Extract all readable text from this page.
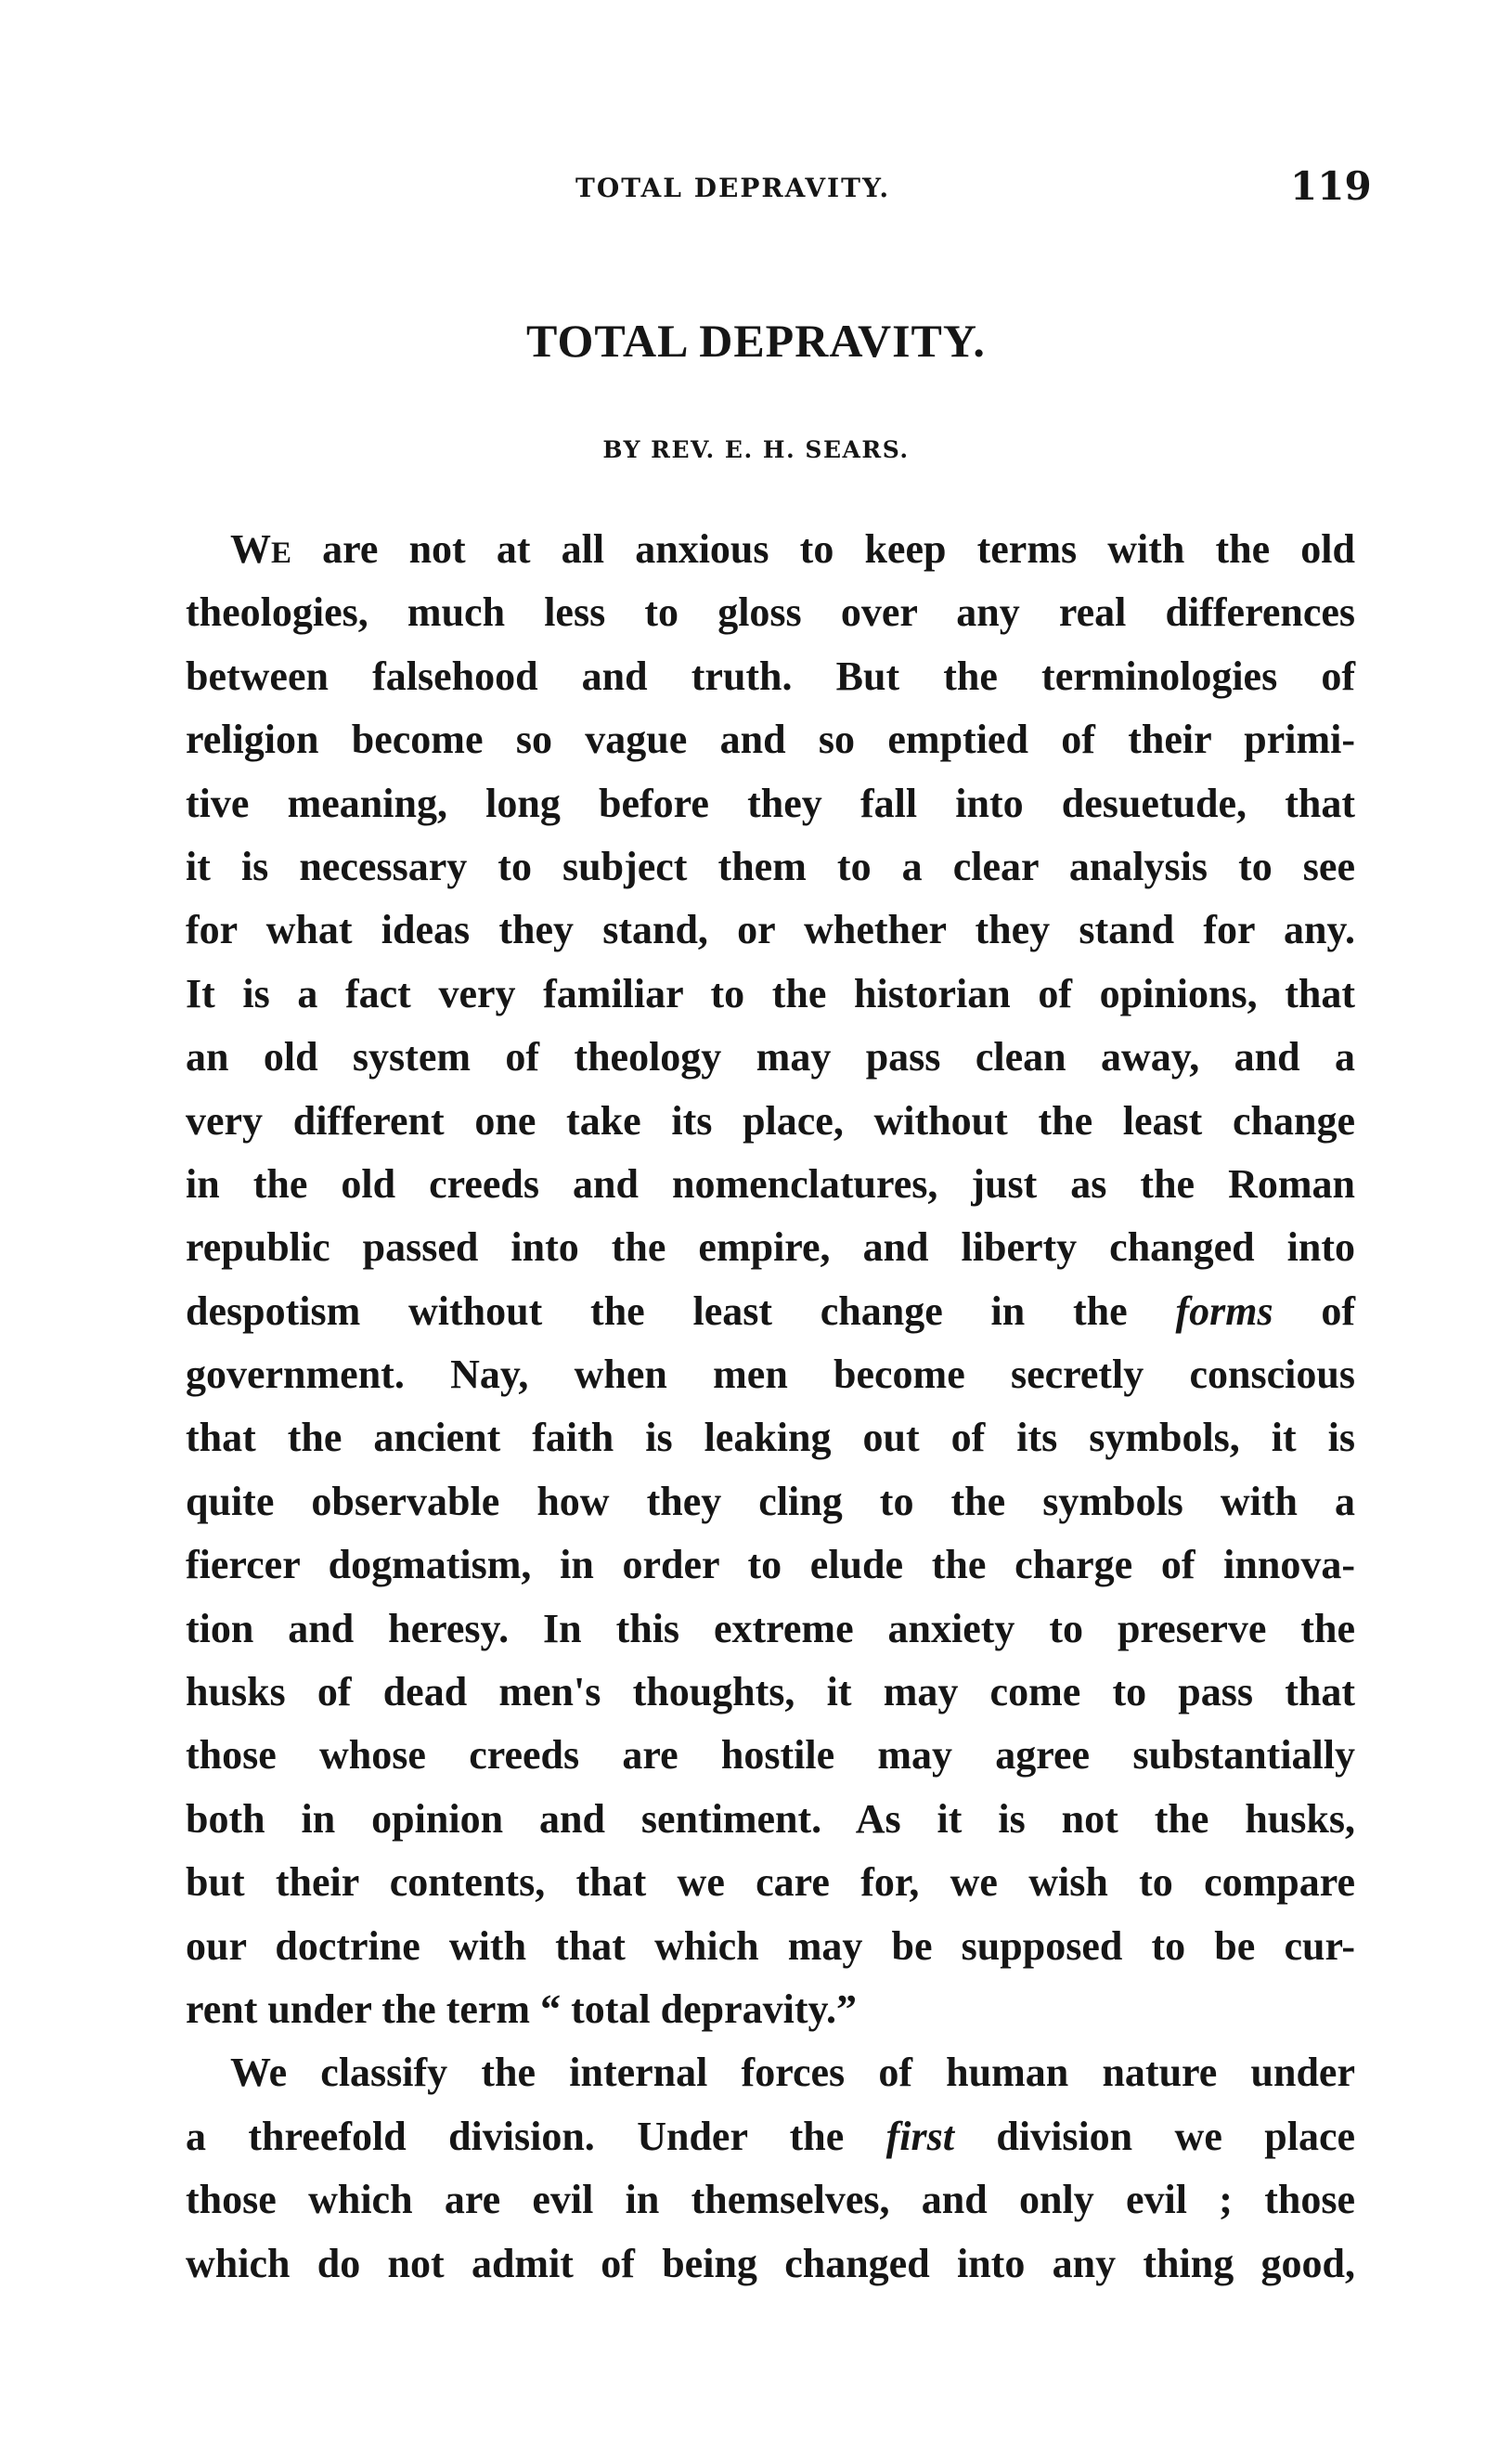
TOTAL DEPRAVITY.	119
TOTAL DEPRAVITY.
BY REV. E. H. SEARS.
WE are not at all anxious to keep terms with the old
theologies, much less to gloss over any real differences
between falsehood and truth. But the terminologies of
religion become so vague and so emptied of their primi-
tive meaning, long before they fall into desuetude, that
it is necessary to subject them to a clear analysis to see
for what ideas they stand, or whether they stand for any.
It is a fact very familiar to the historian of opinions, that
an old system of theology may pass clean away, and a
very different one take its place, without the least change
in the old creeds and nomenclatures, just as the Roman
republic passed into the empire, and liberty changed into
despotism without the least change in the forms of
government. Nay, when men become secretly conscious
that the ancient faith is leaking out of its symbols, it is
quite observable how they cling to the symbols with a
fiercer dogmatism, in order to elude the charge of innova-
tion and heresy. In this extreme anxiety to preserve the
husks of dead men's thoughts, it may come to pass that
those whose creeds are hostile may agree substantially
both in opinion and sentiment. As it is not the husks,
but their contents, that we care for, we wish to compare
our doctrine with that which may be supposed to be cur-
rent under the term “ total depravity.”
We classify the internal forces of human nature under
a threefold division. Under the first division we place
those which are evil in themselves, and only evil ; those
which do not admit of being changed into any thing good,
